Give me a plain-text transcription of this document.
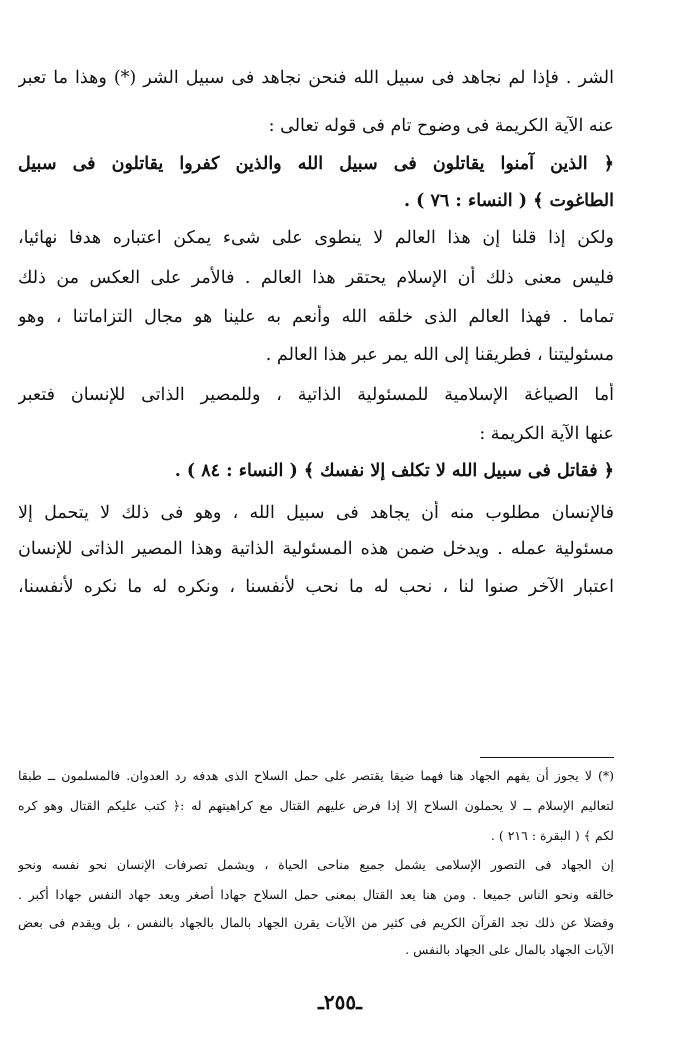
الشر . فإذا لم نجاهد فى سبيل الله فنحن نجاهد فى سبيل الشر (*) وهذا ما تعبر
عنه الآية الكريمة فى وضوح تام فى قوله تعالى :
﴿ الذين آمنوا يقاتلون فى سبيل الله والذين كفروا يقاتلون فى سبيل
الطاغوت ﴾ ( النساء : ٧٦ ) .
ولكن إذا قلنا إن هذا العالم لا ينطوى على شىء يمكن اعتباره هدفا نهائيا،
فليس معنى ذلك أن الإسلام يحتقر هذا العالم . فالأمر على العكس من ذلك
تماما . فهذا العالم الذى خلقه الله وأنعم به علينا هو مجال التزاماتنا ، وهو
مسئوليتنا ، فطريقنا إلى الله يمر عبر هذا العالم .
أما الصياغة الإسلامية للمسئولية الذاتية ، وللمصير الذاتى للإنسان فتعبر
عنها الآية الكريمة :
﴿ فقاتل فى سبيل الله لا تكلف إلا نفسك ﴾ ( النساء : ٨٤ ) .
فالإنسان مطلوب منه أن يجاهد فى سبيل الله ، وهو فى ذلك لا يتحمل إلا
مسئولية عمله . ويدخل ضمن هذه المسئولية الذاتية وهذا المصير الذاتى للإنسان
اعتبار الآخر صنوا لنا ، نحب له ما نحب لأنفسنا ، ونكره له ما نكره لأنفسنا،
(*) لا يجوز أن يفهم الجهاد هنا فهما ضيقا يقتصر على حمل السلاح الذى هدفه رد العدوان. فالمسلمون ــ طبقا
لتعاليم الإسلام ــ لا يحملون السلاح إلا إذا فرض عليهم القتال مع كراهيتهم له :﴿ كتب عليكم القتال وهو كره
لكم ﴾ ( البقرة : ٢١٦ ) .
إن الجهاد فى التصور الإسلامى يشمل جميع مناحى الحياة ، ويشمل تصرفات الإنسان نحو نفسه ونحو
خالقه ونحو الناس جميعا . ومن هنا يعد القتال بمعنى حمل السلاح جهادا أصغر ويعد جهاد النفس جهادا أكبر .
وفضلا عن ذلك نجد القرآن الكريم فى كثير من الآيات يقرن الجهاد بالمال بالجهاد بالنفس ، بل ويقدم فى بعض
الآيات الجهاد بالمال على الجهاد بالنفس .
ـ٢٥٥ـ
